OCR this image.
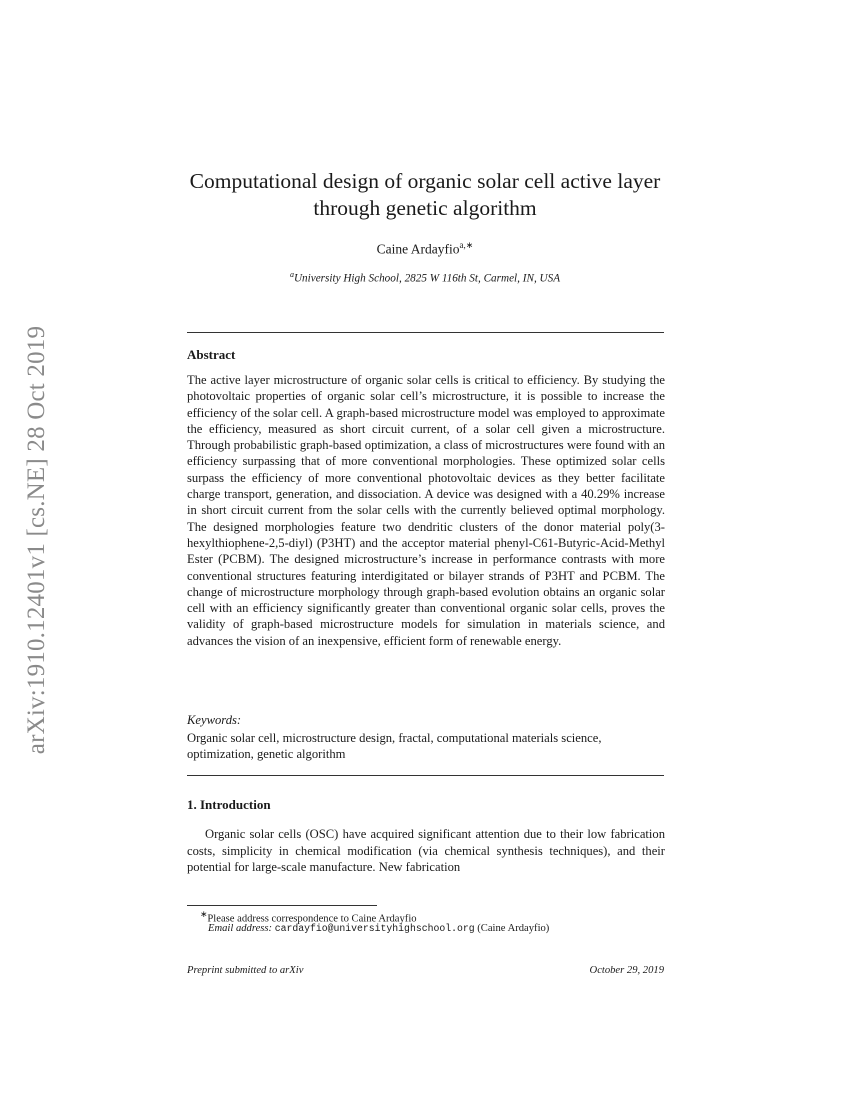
arXiv:1910.12401v1 [cs.NE] 28 Oct 2019
Computational design of organic solar cell active layer
through genetic algorithm
Caine Ardayfio$^{a,∗}$
$^a$University High School, 2825 W 116th St, Carmel, IN, USA
Abstract
The active layer microstructure of organic solar cells is critical to efficiency. By studying the photovoltaic properties of organic solar cell’s microstructure, it is possible to increase the efficiency of the solar cell. A graph-based microstructure model was employed to approximate the efficiency, measured as short circuit current, of a solar cell given a microstructure. Through probabilistic graph-based optimization, a class of microstructures were found with an efficiency surpassing that of more conventional morphologies. These optimized solar cells surpass the efficiency of more conventional photovoltaic devices as they better facilitate charge transport, generation, and dissociation. A device was designed with a 40.29% increase in short circuit current from the solar cells with the currently believed optimal morphology. The designed morphologies feature two dendritic clusters of the donor material poly(3-hexylthiophene-2,5-diyl) (P3HT) and the acceptor material phenyl-C61-Butyric-Acid-Methyl Ester (PCBM). The designed microstructure’s increase in performance contrasts with more conventional structures featuring interdigitated or bilayer strands of P3HT and PCBM. The change of microstructure morphology through graph-based evolution obtains an organic solar cell with an efficiency significantly greater than conventional organic solar cells, proves the validity of graph-based microstructure models for simulation in materials science, and advances the vision of an inexpensive, efficient form of renewable energy.
Keywords:
Organic solar cell, microstructure design, fractal, computational materials science, optimization, genetic algorithm
1. Introduction
Organic solar cells (OSC) have acquired significant attention due to their low fabrication costs, simplicity in chemical modification (via chemical synthesis techniques), and their potential for large-scale manufacture. New fabrication
∗Please address correspondence to Caine Ardayfio
Email address: cardayfio@universityhighschool.org (Caine Ardayfio)
Preprint submitted to arXiv	October 29, 2019
